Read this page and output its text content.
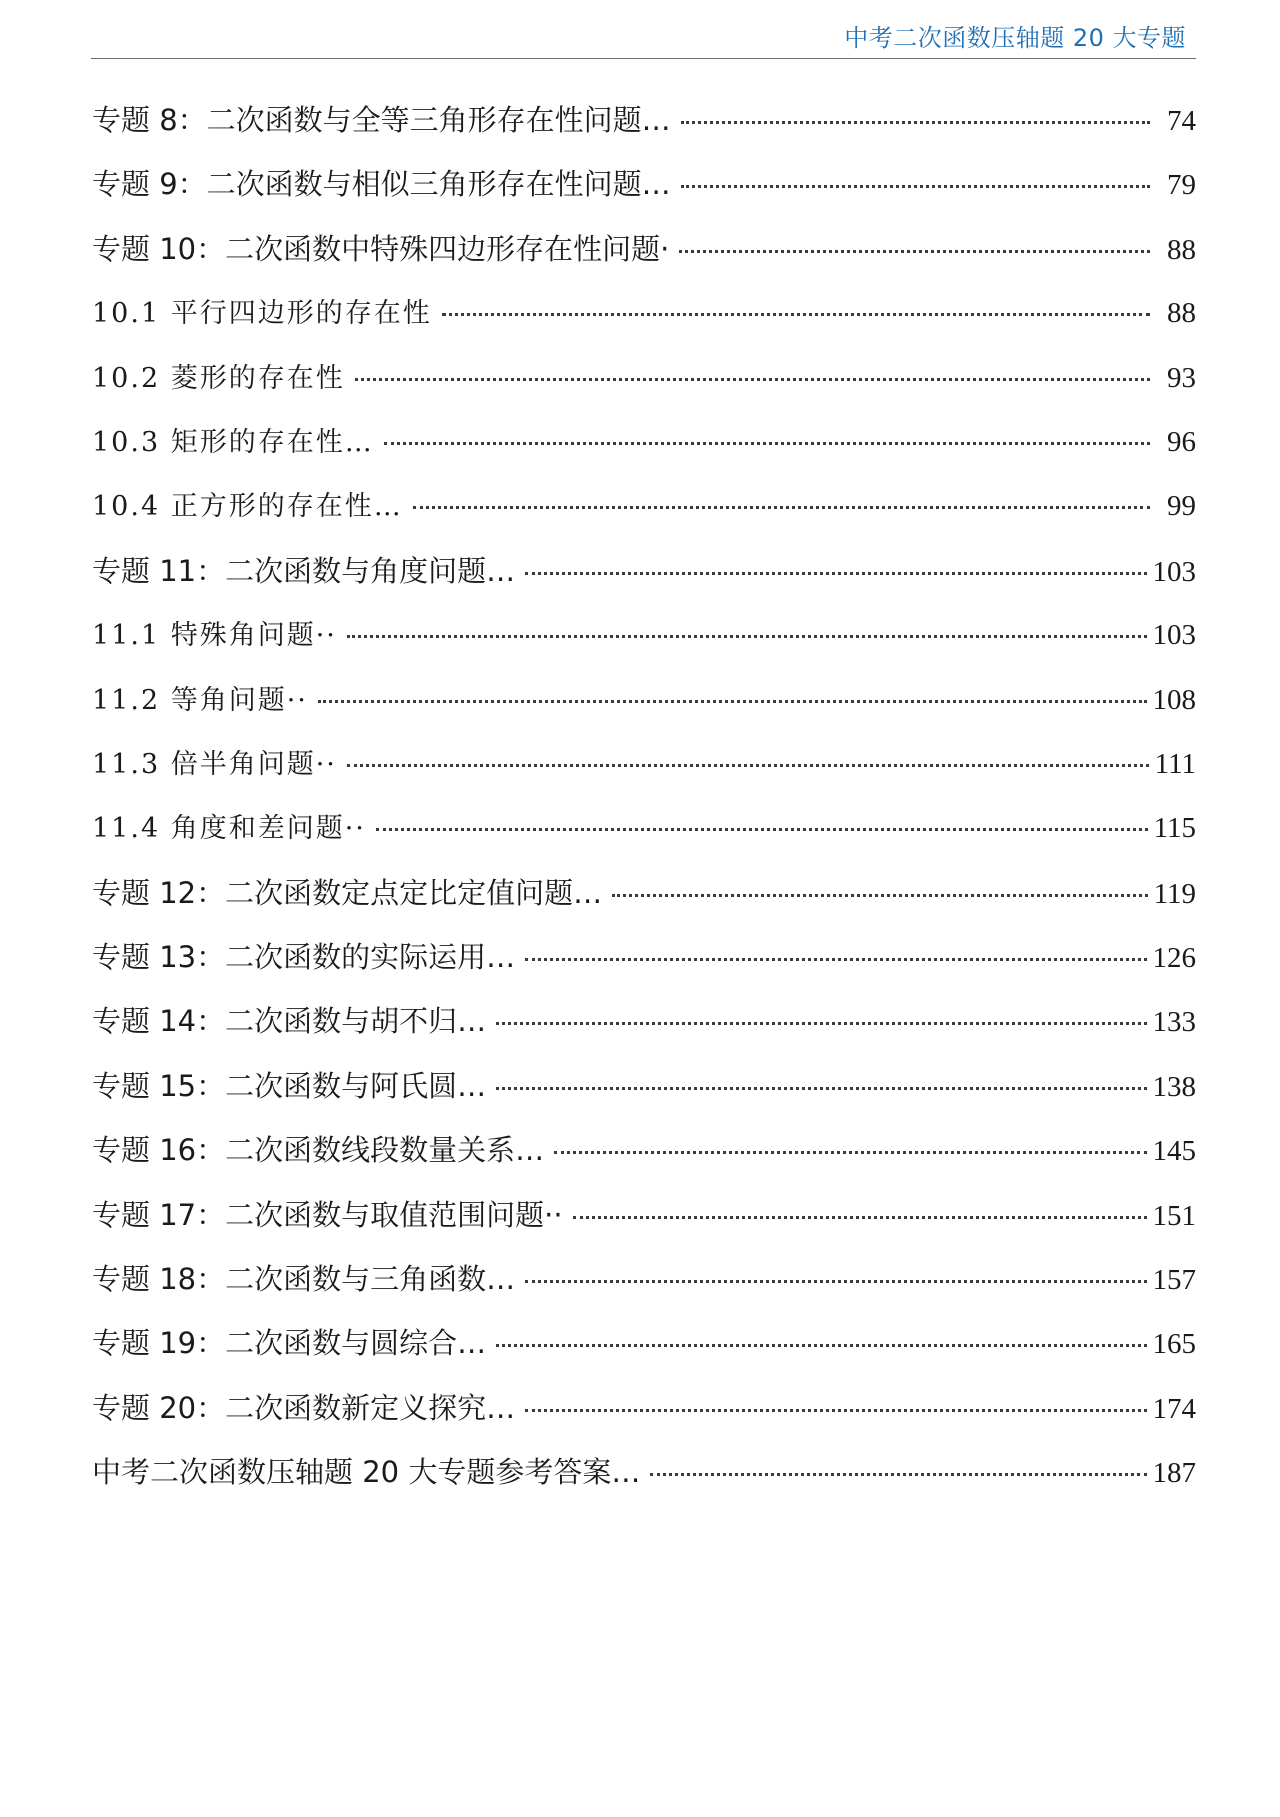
中考二次函数压轴题 20 大专题
专题 8：二次函数与全等三角形存在性问题…	74
专题 9：二次函数与相似三角形存在性问题…	79
专题 10：二次函数中特殊四边形存在性问题·	88
10.1 平行四边形的存在性	88
10.2 菱形的存在性	93
10.3 矩形的存在性…	96
10.4 正方形的存在性…	99
专题 11：二次函数与角度问题…	103
11.1 特殊角问题··	103
11.2 等角问题··	108
11.3 倍半角问题··	111
11.4 角度和差问题··	115
专题 12：二次函数定点定比定值问题…	119
专题 13：二次函数的实际运用…	126
专题 14：二次函数与胡不归…	133
专题 15：二次函数与阿氏圆…	138
专题 16：二次函数线段数量关系…	145
专题 17：二次函数与取值范围问题··	151
专题 18：二次函数与三角函数…	157
专题 19：二次函数与圆综合…	165
专题 20：二次函数新定义探究…	174
中考二次函数压轴题 20 大专题参考答案…	187
